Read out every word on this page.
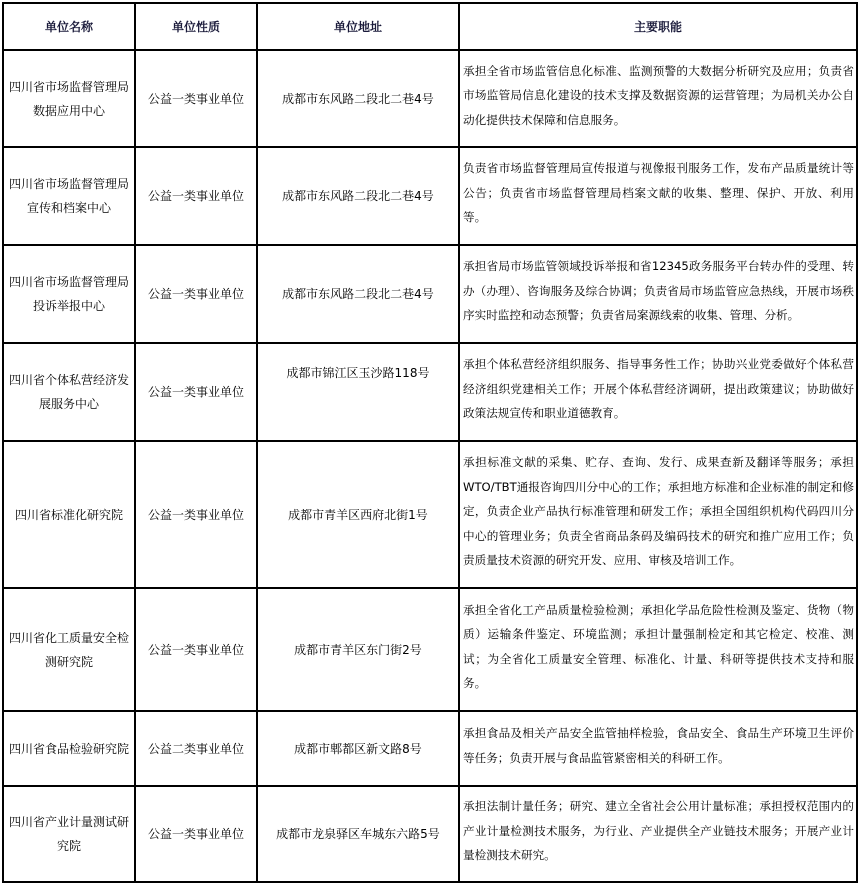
单位名称	单位性质	单位地址	主要职能
四川省市场监督管理局数据应用中心	公益一类事业单位	成都市东风路二段北二巷4号	承担全省市场监管信息化标准、监测预警的大数据分析研究及应用；负责省市场监管局信息化建设的技术支撑及数据资源的运营管理；为局机关办公自动化提供技术保障和信息服务。
四川省市场监督管理局宣传和档案中心	公益一类事业单位	成都市东风路二段北二巷4号	负责省市场监督管理局宣传报道与视像报刊服务工作，发布产品质量统计等公告；负责省市场监督管理局档案文献的收集、整理、保护、开放、利用等。
四川省市场监督管理局投诉举报中心	公益一类事业单位	成都市东风路二段北二巷4号	承担省局市场监管领域投诉举报和省12345政务服务平台转办件的受理、转办（办理）、咨询服务及综合协调；负责省局市场监管应急热线，开展市场秩序实时监控和动态预警；负责省局案源线索的收集、管理、分析。
四川省个体私营经济发展服务中心	公益一类事业单位	成都市锦江区玉沙路118号	承担个体私营经济组织服务、指导事务性工作；协助兴业党委做好个体私营经济组织党建相关工作；开展个体私营经济调研，提出政策建议；协助做好政策法规宣传和职业道德教育。
四川省标准化研究院	公益一类事业单位	成都市青羊区西府北街1号	承担标准文献的采集、贮存、查询、发行、成果查新及翻译等服务；承担WTO/TBT通报咨询四川分中心的工作；承担地方标准和企业标准的制定和修定，负责企业产品执行标准管理和研发工作；承担全国组织机构代码四川分中心的管理业务；负责全省商品条码及编码技术的研究和推广应用工作；负责质量技术资源的研究开发、应用、审核及培训工作。
四川省化工质量安全检测研究院	公益一类事业单位	成都市青羊区东门街2号	承担全省化工产品质量检验检测；承担化学品危险性检测及鉴定、货物（物质）运输条件鉴定、环境监测；承担计量强制检定和其它检定、校准、测试；为全省化工质量安全管理、标准化、计量、科研等提供技术支持和服务。
四川省食品检验研究院	公益二类事业单位	成都市郫都区新文路8号	承担食品及相关产品安全监管抽样检验，食品安全、食品生产环境卫生评价等任务；负责开展与食品监管紧密相关的科研工作。
四川省产业计量测试研究院	公益一类事业单位	成都市龙泉驿区车城东六路5号	承担法制计量任务；研究、建立全省社会公用计量标准；承担授权范围内的产业计量检测技术服务，为行业、产业提供全产业链技术服务；开展产业计量检测技术研究。
